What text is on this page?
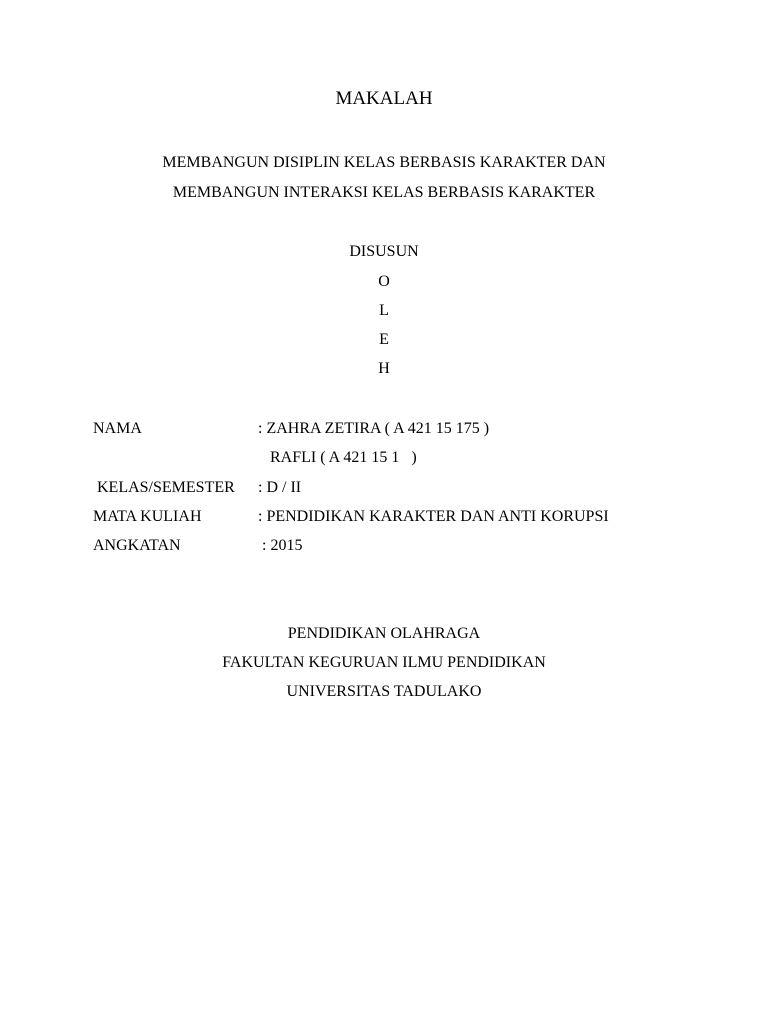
MAKALAH
MEMBANGUN DISIPLIN KELAS BERBASIS KARAKTER DAN
MEMBANGUN INTERAKSI KELAS BERBASIS KARAKTER
DISUSUN
O
L
E
H
NAMA	: ZAHRA ZETIRA ( A 421 15 175 )
RAFLI ( A 421 15 1   )
KELAS/SEMESTER : D / II
MATA KULIAH	: PENDIDIKAN KARAKTER DAN ANTI KORUPSI
ANGKATAN	: 2015
PENDIDIKAN OLAHRAGA
FAKULTAN KEGURUAN ILMU PENDIDIKAN
UNIVERSITAS TADULAKO
